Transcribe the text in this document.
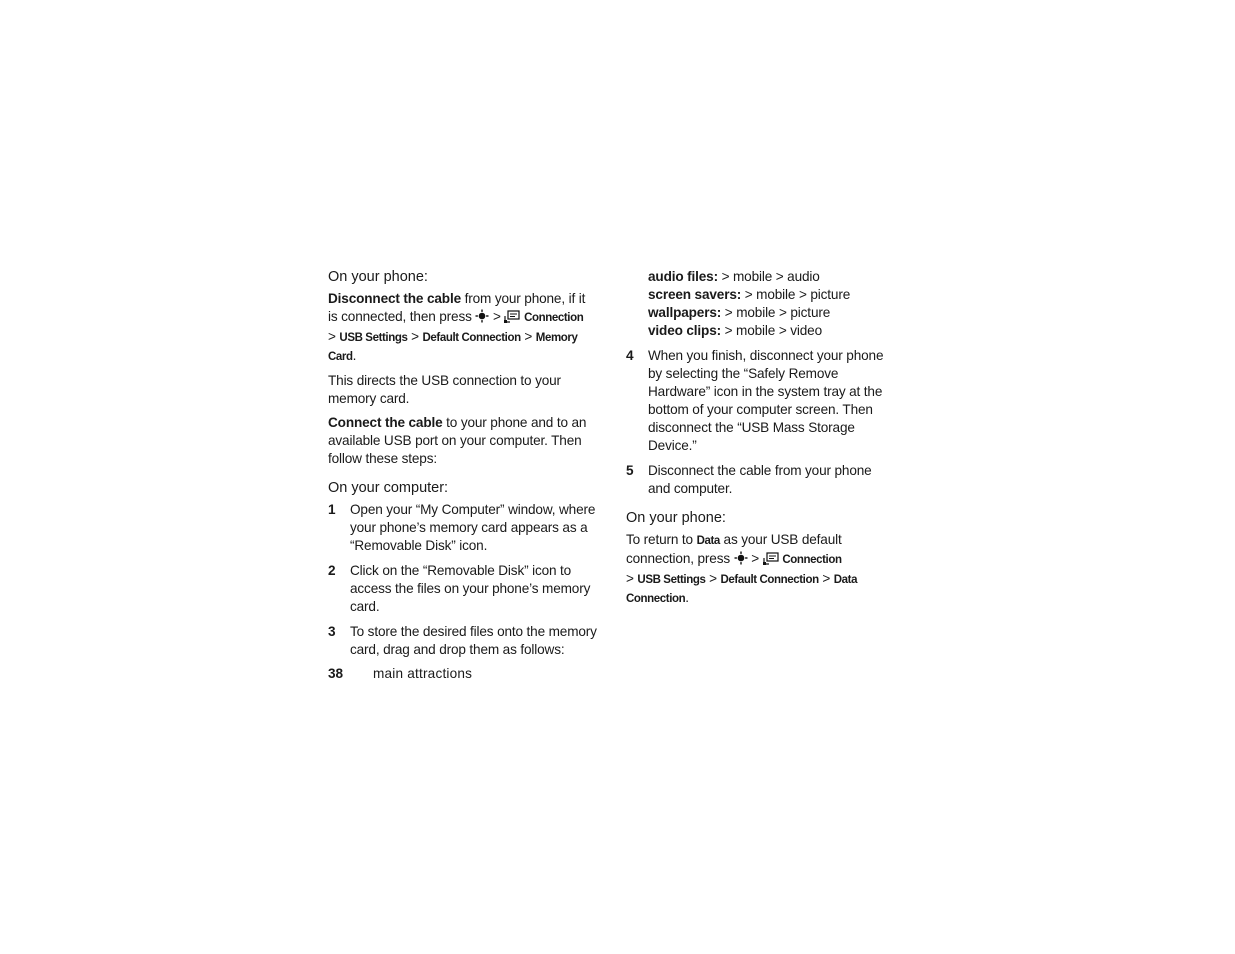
On your phone:
Disconnect the cable from your phone, if it is connected, then press  >  Connection
> USB Settings > Default Connection > Memory Card.
This directs the USB connection to your memory card.
Connect the cable to your phone and to an available USB port on your computer. Then follow these steps:
On your computer:
1 Open your “My Computer” window, where your phone’s memory card appears as a “Removable Disk” icon.
2 Click on the “Removable Disk” icon to access the files on your phone’s memory card.
3 To store the desired files onto the memory card, drag and drop them as follows:
audio files: > mobile > audio
screen savers: > mobile > picture
wallpapers: > mobile > picture
video clips: > mobile > video
4 When you finish, disconnect your phone by selecting the “Safely Remove Hardware” icon in the system tray at the bottom of your computer screen. Then disconnect the “USB Mass Storage Device.”
5 Disconnect the cable from your phone and computer.
On your phone:
To return to Data as your USB default connection, press  >  Connection
> USB Settings > Default Connection > Data Connection.
38 main attractions
